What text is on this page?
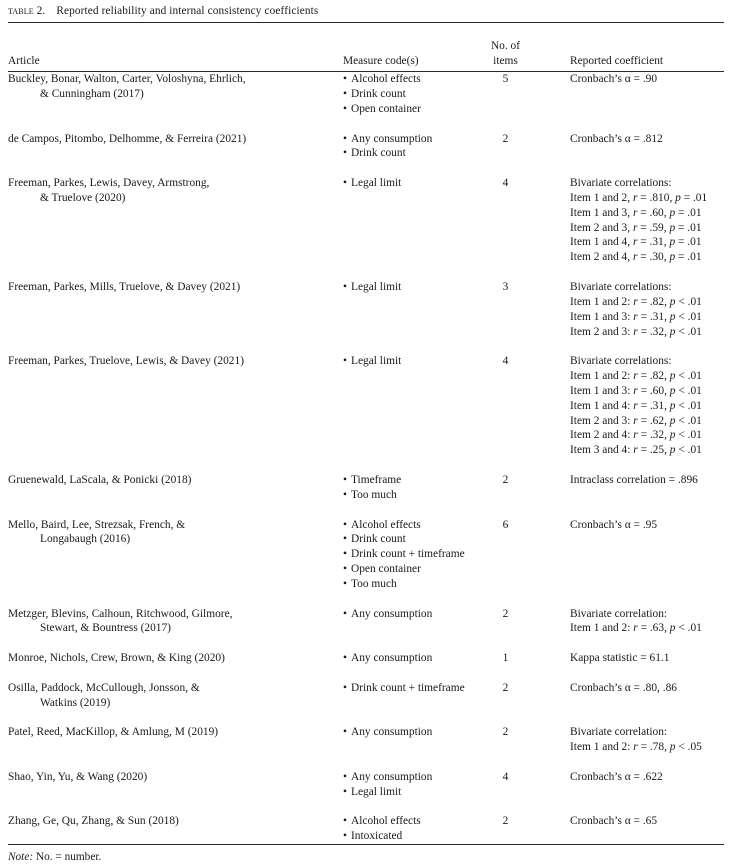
table 2. Reported reliability and internal consistency coefficients

Article	Measure code(s)	
No. of
items	Reported coefficient
Buckley, Bonar, Walton, Carter, Voloshyna, Ehrlich,
& Cunningham (2017)

• Alcohol effects
• Drink count
• Open container
	5	Cronbach’s α = .90

de Campos, Pitombo, Delhomme, & Ferreira (2021)

•Any consumption
• Drink count
	2	Cronbach’s α = .812

Freeman, Parkes, Lewis, Davey, Armstrong,
& Truelove (2020)

• Legal limit	4	Bivariate correlations:
Item 1 and 2, r = .810, p = .01
Item 1 and 3, r = .60, p = .01
Item 2 and 3, r = .59, p = .01
Item 1 and 4, r = .31, p = .01
Item 2 and 4, r = .30, p = .01

Freeman, Parkes, Mills, Truelove, & Davey (2021)

•Legal limit	3	Bivariate correlations:
Item 1 and 2: r = .82, p < .01
Item 1 and 3: r = .31, p < .01
Item 2 and 3: r = .32, p < .01

Freeman, Parkes, Truelove, Lewis, & Davey (2021)

•Legal limit	4	Bivariate correlations:
Item 1 and 2: r = .82, p < .01
Item 1 and 3: r = .60, p < .01
Item 1 and 4: r = .31, p < .01
Item 2 and 3: r = .62, p < .01
Item 2 and 4: r = .32, p < .01
Item 3 and 4: r = .25, p < .01

Gruenewald, LaScala, & Ponicki (2018)

•Timeframe
• Too much
	2	Intraclass correlation = .896

Mello, Baird, Lee, Strezsak, French, &
Longabaugh (2016)

• Alcohol effects
• Drink count
• Drink count + timeframe
• Open container
• Too much
	6	Cronbach’s α = .95

Metzger, Blevins, Calhoun, Ritchwood, Gilmore,
Stewart, & Bountress (2017)

• Any consumption	2	Bivariate correlation:
Item 1 and 2: r = .63, p < .01

Monroe, Nichols, Crew, Brown, & King (2020)

•Any consumption	1	Kappa statistic = 61.1

Osilla, Paddock, McCullough, Jonsson, &
Watkins (2019)

• Drink count + timeframe	2	Cronbach’s α = .80, .86

Patel, Reed, MacKillop, & Amlung, M (2019)

•Any consumption	2	Bivariate correlation:
Item 1 and 2: r = .78, p < .05

Shao, Yin, Yu, & Wang (2020)

•Any consumption
• Legal limit
	4	Cronbach’s α = .622

Zhang, Ge, Qu, Zhang, & Sun (2018)

•Alcohol effects
• Intoxicated
	2	Cronbach’s α = .65
Note: No. = number.
